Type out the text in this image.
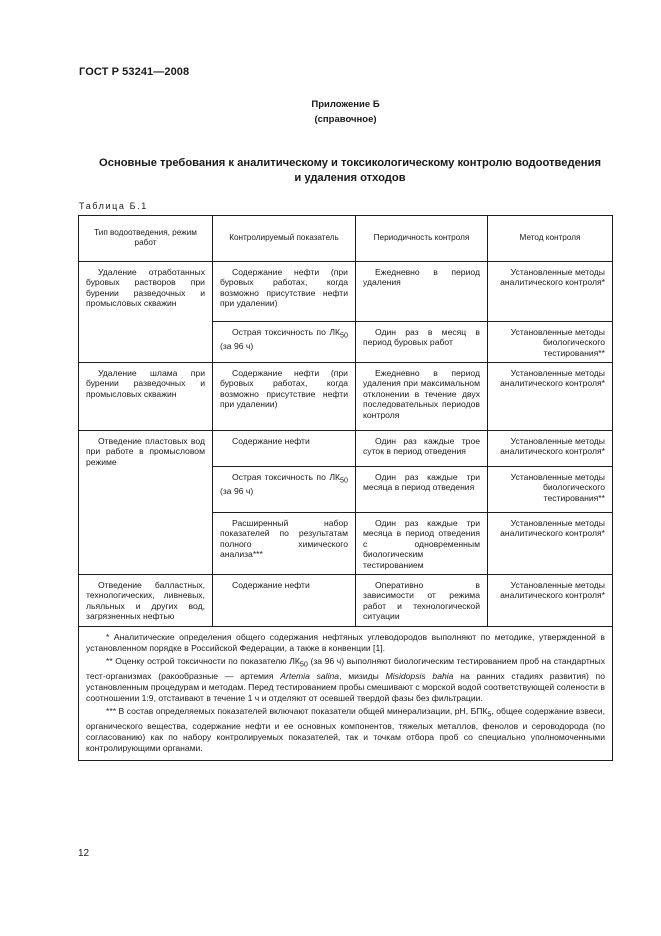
ГОСТ Р 53241—2008
Приложение Б
(справочное)
Основные требования к аналитическому и токсикологическому контролю водоотведения
и удаления отходов
Таблица Б.1
Тип водоотведения, режим работ	Контролируемый показатель	Периодичность контроля	Метод контроля
Удаление отработанных буровых растворов при бурении разведочных и промысловых скважин	Содержание нефти (при буровых работах, когда возможно присутствие нефти при удалении)	Ежедневно в период удаления	Установленные методы аналитического контроля*
	Острая токсичность по $ЛК_{50}$ (за 96 ч)	Один раз в месяц в период буровых работ	Установленные методы биологического тестирования**
Удаление шлама при бурении разведочных и промысловых скважин	Содержание нефти (при буровых работах, когда возможно присутствие нефти при удалении)	Ежедневно в период удаления при максимальном отклонении в течение двух последовательных периодов контроля	Установленные методы аналитического контроля*
Отведение пластовых вод при работе в промысловом режиме	Содержание нефти	Один раз каждые трое суток в период отведения	Установленные методы аналитического контроля*
	Острая токсичность по $ЛК_{50}$ (за 96 ч)	Один раз каждые три месяца в период отведения	Установленные методы биологического тестирования**
	Расширенный набор показателей по результатам полного химического анализа***	Один раз каждые три месяца в период отведения с одновременным биологическим тестированием	Установленные методы аналитического контроля*
Отведение балластных, технологических, ливневых, льяльных и других вод, загрязненных нефтью	Содержание нефти	Оперативно в зависимости от режима работ и технологической ситуации	Установленные методы аналитического контроля*

* Аналитические определения общего содержания нефтяных углеводородов выполняют по методике, утвержденной в установленном порядке в Российской Федерации, а также в конвенции [1].

** Оценку острой токсичности по показателю $ЛК_{50}$ (за 96 ч) выполняют биологическим тестированием проб на стандартных тест-организмах (ракообразные — артемия Artemia salina, мизиды Misidopsis bahia на ранних стадиях развития) по установленным процедурам и методам. Перед тестированием пробы смешивают с морской водой соответствующей солености в соотношении 1:9, отстаивают в течение 1 ч и отделяют от осевшей твердой фазы без фильтрации.

*** В состав определяемых показателей включают показатели общей минерализации, рН, $БПК_5$, общее содержание взвеси, органического вещества, содержание нефти и ее основных компонентов, тяжелых металлов, фенолов и сероводорода (по согласованию) как по набору контролируемых показателей, так и точкам отбора проб со специально уполномоченными контролирующими органами.			

12
